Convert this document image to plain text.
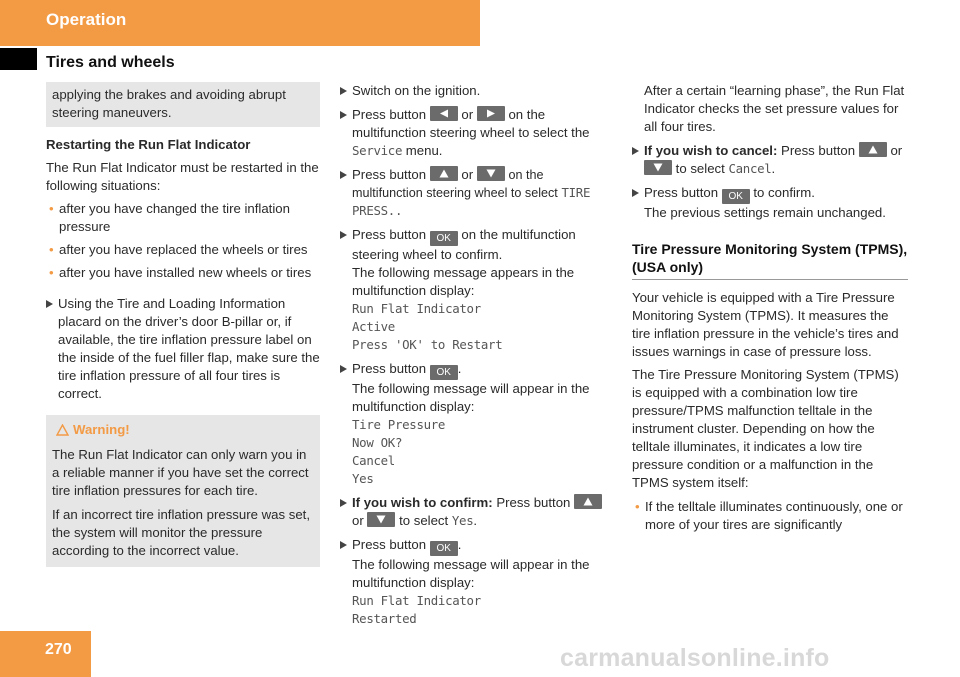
Operation
Tires and wheels

applying the brakes and avoiding abrupt steering maneuvers.

Restarting the Run Flat Indicator

The Run Flat Indicator must be restarted in the following situations:

• after you have changed the tire inflation pressure
• after you have replaced the wheels or tires
• after you have installed new wheels or tires
Using the Tire and Loading Information placard on the driver’s door B-pillar or, if available, the tire inflation pressure label on the inside of the fuel filler flap, make sure the tire inflation pressure of all four tires is correct.
Warning!

The Run Flat Indicator can only warn you in a reliable manner if you have set the correct tire inflation pressures for each tire.

If an incorrect tire inflation pressure was set, the system will monitor the pressure according to the incorrect value.

Switch on the ignition.
Press button	or	on the multifunction steering wheel to select the Service menu.
Press button	or	on the multifunction steering wheel to select TIRE PRESS..
Press button OK on the multifunction steering wheel to confirm.

The following message appears in the multifunction display:

Run Flat Indicator

Active

Press 'OK' to Restart

Press button OK .

The following message will appear in the multifunction display:

Tire Pressure

Now OK?

Cancel

Yes

If you wish to confirm: Press button
or	to select Yes.
Press button OK .

The following message will appear in the multifunction display:

Run Flat Indicator

Restarted

After a certain “learning phase”, the Run Flat Indicator checks the set pressure values for all four tires.

If you wish to cancel: Press button	or
to select Cancel.
Press button OK to confirm.

The previous settings remain unchanged.

Tire Pressure Monitoring System (TPMS), (USA only)

Your vehicle is equipped with a Tire Pressure Monitoring System (TPMS). It measures the tire inflation pressure in the vehicle’s tires and issues warnings in case of pressure loss.

The Tire Pressure Monitoring System (TPMS) is equipped with a combination low tire pressure/TPMS malfunction telltale in the instrument cluster. Depending on how the telltale illuminates, it indicates a low tire pressure condition or a malfunction in the TPMS system itself:

• If the telltale illuminates continuously, one or more of your tires are significantly
270	carmanualsonline.info
